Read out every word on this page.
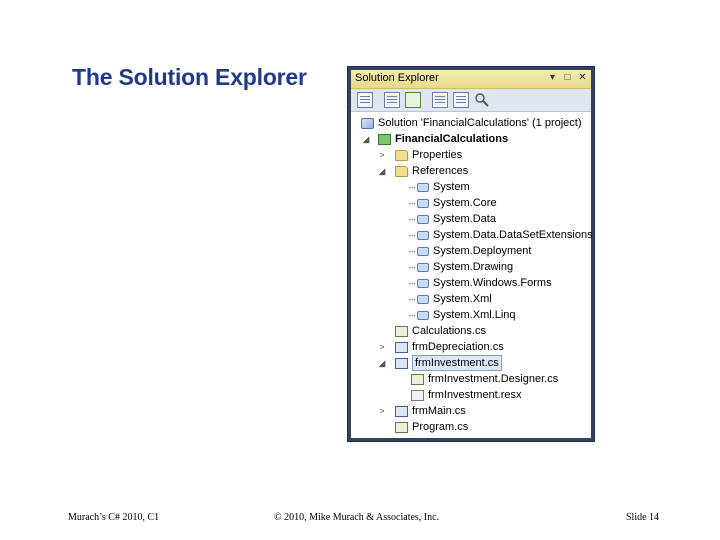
The Solution Explorer	Solution Explorer	▾ □ ✕
Solution 'FinancialCalculations' (1 project)
◢ FinancialCalculations
> Properties
◢ References
System
System.Core
System.Data
System.Data.DataSetExtensions
System.Deployment
System.Drawing
System.Windows.Forms
System.Xml
System.Xml.Linq
Calculations.cs
> frmDepreciation.cs
◢	frmInvestment.cs
frmInvestment.Designer.cs
frmInvestment.resx
> frmMain.cs
Program.cs
Murach’s C# 2010, C1	© 2010, Mike Murach & Associates, Inc.	Slide 14
